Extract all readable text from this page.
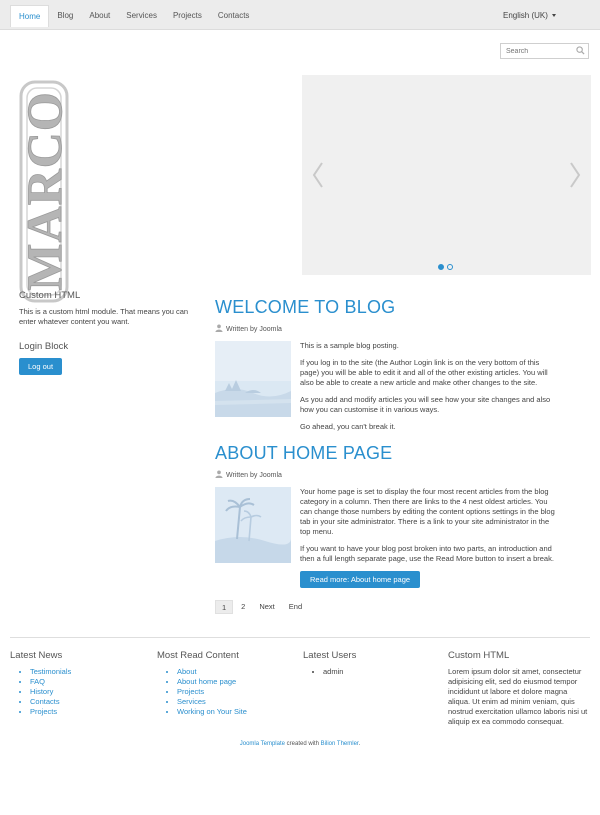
Home	Blog	About	Services	Projects	Contacts	English (UK)
Search
MARCO
Custom HTML

This is a custom html module. That means you can enter whatever content you want.

Login Block
Log out
WELCOME TO BLOG
Written by Joomla

This is a sample blog posting.

If you log in to the site (the Author Login link is on the very bottom of this page) you will be able to edit it and all of the other existing articles. You will also be able to create a new article and make other changes to the site.

As you add and modify articles you will see how your site changes and also how you can customise it in various ways.

Go ahead, you can't break it.

ABOUT HOME PAGE
Written by Joomla

Your home page is set to display the four most recent articles from the blog category in a column. Then there are links to the 4 nest oldest articles. You can change those numbers by editing the content options settings in the blog tab in your site administrator. There is a link to your site administrator in the top menu.

If you want to have your blog post broken into two parts, an introduction and then a full length separate page, use the Read More button to insert a break.

Read more: About home page
1	2	Next	End
Latest News
• Testimonials
• FAQ
• History
• Contacts
• Projects
Most Read Content
• About
• About home page
• Projects
• Services
• Working on Your Site
Latest Users
• admin
Custom HTML

Lorem ipsum dolor sit amet, consectetur adipisicing elit, sed do eiusmod tempor incididunt ut labore et dolore magna aliqua. Ut enim ad minim veniam, quis nostrud exercitation ullamco laboris nisi ut aliquip ex ea commodo consequat.

Joomla Template created with Bilion Themler.
